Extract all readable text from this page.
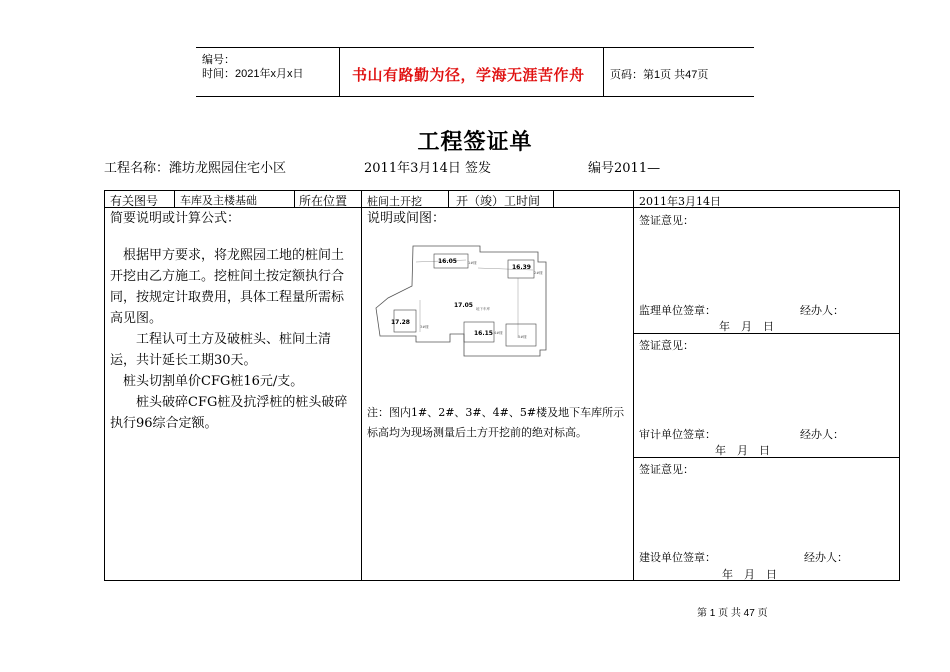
编号：
时间：2021年x月x日	书山有路勤为径，学海无涯苦作舟 页码：第1页 共47页
工程签证单
工程名称：潍坊龙熙园住宅小区	2011年3月14日 签发	编号2011—
有关图号 车库及主楼基础	所在位置 桩间土开挖	开（竣）工时间	2011年3月14日
简要说明或计算公式：
　根据甲方要求，将龙熙园工地的桩间土
开挖由乙方施工。挖桩间土按定额执行合
同，按规定计取费用，具体工程量所需标
高见图。
　　工程认可土方及破桩头、桩间土清
运，共计延长工期30天。
　桩头切割单价CFG桩16元/支。
　　桩头破碎CFG桩及抗浮桩的桩头破碎
执行96综合定额。
说明或间图：
16.05
16.39
17.05
17.28
16.15
1#楼
2#楼
3#楼
4#楼
5#楼
地下车库
注：图内1#、2#、3#、4#、5#楼及地下车库所示
标高均为现场测量后土方开挖前的绝对标高。
签证意见：
监理单位签章：	经办人：
年　月　日
签证意见：
审计单位签章：	经办人：
年　月　日
签证意见：
建设单位签章：	经办人：
年　月　日
第 1 页 共 47 页
